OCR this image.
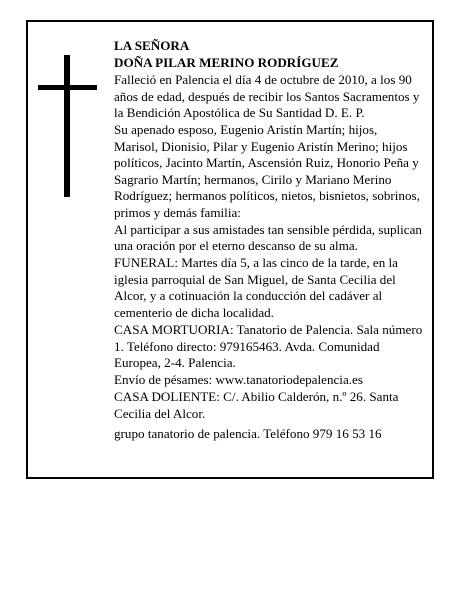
LA SEÑORA

DOÑA PILAR MERINO RODRÍGUEZ

Falleció en Palencia el día 4 de octubre de 2010, a los 90 años de edad, después de recibir los Santos Sacramentos y la Bendición Apostólica de Su Santidad D. E. P.

Su apenado esposo, Eugenio Aristín Martín; hijos, Marisol, Dionisio, Pilar y Eugenio Aristín Merino; hijos políticos, Jacinto Martín, Ascensión Ruiz, Honorio Peña y Sagrario Martín; hermanos, Cirilo y Mariano Merino Rodríguez; hermanos políticos, nietos, bisnietos, sobrinos, primos y demás familia:

Al participar a sus amistades tan sensible pérdida, suplican una oración por el eterno descanso de su alma.

FUNERAL: Martes día 5, a las cinco de la tarde, en la iglesia parroquial de San Miguel, de Santa Cecilia del Alcor, y a cotinuación la conducción del cadáver al cementerio de dicha localidad.

CASA MORTUORIA: Tanatorio de Palencia. Sala número 1. Teléfono directo: 979165463. Avda. Comunidad Europea, 2-4. Palencia.

Envío de pésames: www.tanatoriodepalencia.es

CASA DOLIENTE: C/. Abilio Calderón, n.º 26. Santa Cecilia del Alcor.

grupo tanatorio de palencia. Teléfono 979 16 53 16
